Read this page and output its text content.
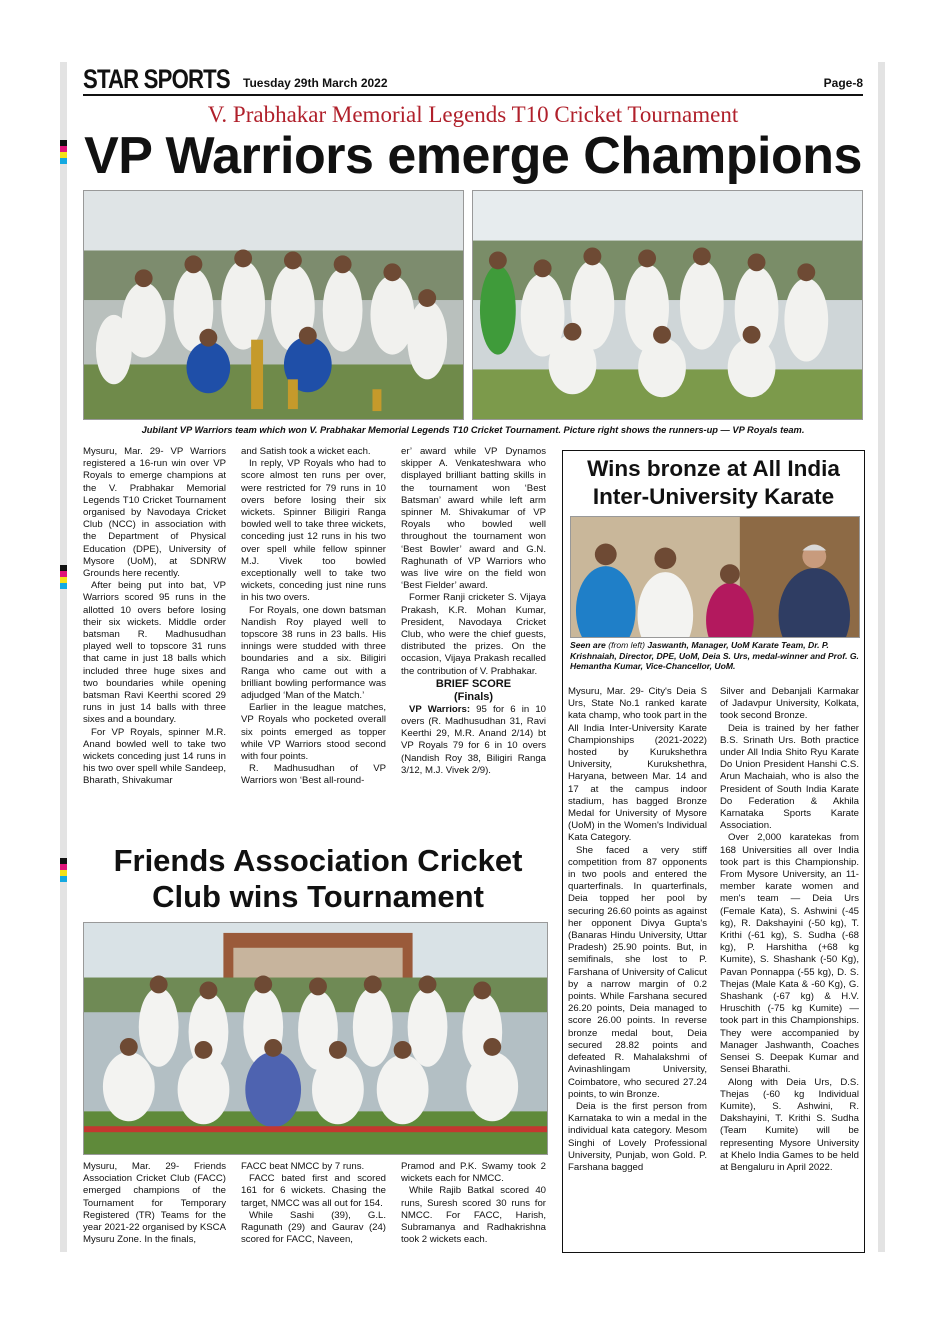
STAR SPORTS Tuesday 29th March 2022	Page-8
V. Prabhakar Memorial Legends T10 Cricket Tournament
VP Warriors emerge Champions
Jubilant VP Warriors team which won V. Prabhakar Memorial Legends T10 Cricket Tournament. Picture right shows the runners-up — VP Royals team.

Mysuru, Mar. 29- VP Warriors registered a 16-run win over VP Royals to emerge champions at the V. Prabhakar Memorial Legends T10 Cricket Tournament organised by Navodaya Cricket Club (NCC) in association with the Department of Physical Education (DPE), University of Mysore (UoM), at SDNRW Grounds here recently.

After being put into bat, VP Warriors scored 95 runs in the allotted 10 overs before losing their six wickets. Middle order batsman R. Madhusudhan played well to topscore 31 runs that came in just 18 balls which included three huge sixes and two boundaries while opening batsman Ravi Keerthi scored 29 runs in just 14 balls with three sixes and a boundary.

For VP Royals, spinner M.R. Anand bowled well to take two wickets conceding just 14 runs in his two over spell while Sandeep, Bharath, Shivakumar

and Satish took a wicket each.

In reply, VP Royals who had to score almost ten runs per over, were restricted for 79 runs in 10 overs before losing their six wickets. Spinner Biligiri Ranga bowled well to take three wickets, conceding just 12 runs in his two over spell while fellow spinner M.J. Vivek too bowled exceptionally well to take two wickets, conceding just nine runs in his two overs.

For Royals, one down batsman Nandish Roy played well to topscore 38 runs in 23 balls. His innings were studded with three boundaries and a six. Biligiri Ranga who came out with a brilliant bowling performance was adjudged ‘Man of the Match.’

Earlier in the league matches, VP Royals who pocketed overall six points emerged as topper while VP Warriors stood second with four points.

R. Madhusudhan of VP Warriors won ‘Best all-round-

er’ award while VP Dynamos skipper A. Venkateshwara who displayed brilliant batting skills in the tournament won ‘Best Batsman’ award while left arm spinner M. Shivakumar of VP Royals who bowled well throughout the tournament won ‘Best Bowler’ award and G.N. Raghunath of VP Warriors who was live wire on the field won ‘Best Fielder’ award.

Former Ranji cricketer S. Vijaya Prakash, K.R. Mohan Kumar, President, Navodaya Cricket Club, who were the chief guests, distributed the prizes. On the occasion, Vijaya Prakash recalled the contribution of V. Prabhakar.

BRIEF SCORE
(Finals)

VP Warriors: 95 for 6 in 10 overs (R. Madhusudhan 31, Ravi Keerthi 29, M.R. Anand 2/14) bt VP Royals 79 for 6 in 10 overs (Nandish Roy 38, Biligiri Ranga 3/12, M.J. Vivek 2/9).

Wins bronze at All India Inter-University Karate
Seen are (from left) Jaswanth, Manager, UoM Karate Team, Dr. P. Krishnaiah, Director, DPE, UoM, Deia S. Urs, medal-winner and Prof. G. Hemantha Kumar, Vice-Chancellor, UoM.

Mysuru, Mar. 29- City's Deia S Urs, State No.1 ranked karate kata champ, who took part in the All India Inter-University Karate Championships (2021-2022) hosted by Kurukshethra University, Kurukshethra, Haryana, between Mar. 14 and 17 at the campus indoor stadium, has bagged Bronze Medal for University of Mysore (UoM) in the Women's Individual Kata Category.

She faced a very stiff competition from 87 opponents in two pools and entered the quarterfinals. In quarterfinals, Deia topped her pool by securing 26.60 points as against her opponent Divya Gupta's (Banaras Hindu University, Uttar Pradesh) 25.90 points. But, in semifinals, she lost to P. Farshana of University of Calicut by a narrow margin of 0.2 points. While Farshana secured 26.20 points, Deia managed to score 26.00 points. In reverse bronze medal bout, Deia secured 28.82 points and defeated R. Mahalakshmi of Avinashlingam University, Coimbatore, who secured 27.24 points, to win Bronze.

Deia is the first person from Karnataka to win a medal in the individual kata category. Mesom Singhi of Lovely Professional University, Punjab, won Gold. P. Farshana bagged

Silver and Debanjali Karmakar of Jadavpur University, Kolkata, took second Bronze.

Deia is trained by her father B.S. Srinath Urs. Both practice under All India Shito Ryu Karate Do Union President Hanshi C.S. Arun Machaiah, who is also the President of South India Karate Do Federation & Akhila Karnataka Sports Karate Association.

Over 2,000 karatekas from 168 Universities all over India took part is this Championship. From Mysore University, an 11-member karate women and men's team — Deia Urs (Female Kata), S. Ashwini (-45 kg), R. Dakshayini (-50 kg), T. Krithi (-61 kg), S. Sudha (-68 kg), P. Harshitha (+68 kg Kumite), S. Shashank (-50 Kg), Pavan Ponnappa (-55 kg), D. S. Thejas (Male Kata & -60 Kg), G. Shashank (-67 kg) & H.V. Hruschith (-75 kg Kumite) — took part in this Championships. They were accompanied by Manager Jashwanth, Coaches Sensei S. Deepak Kumar and Sensei Bharathi.

Along with Deia Urs, D.S. Thejas (-60 kg Individual Kumite), S. Ashwini, R. Dakshayini, T. Krithi S. Sudha (Team Kumite) will be representing Mysore University at Khelo India Games to be held at Bengaluru in April 2022.

Friends Association Cricket Club wins Tournament

Mysuru, Mar. 29- Friends Association Cricket Club (FACC) emerged champions of the Tournament for Temporary Registered (TR) Teams for the year 2021-22 organised by KSCA Mysuru Zone. In the finals,

FACC beat NMCC by 7 runs.

FACC bated first and scored 161 for 6 wickets. Chasing the target, NMCC was all out for 154.

While Sashi (39), G.L. Ragunath (29) and Gaurav (24) scored for FACC, Naveen,

Pramod and P.K. Swamy took 2 wickets each for NMCC.

While Rajib Batkal scored 40 runs, Suresh scored 30 runs for NMCC. For FACC, Harish, Subramanya and Radhakrishna took 2 wickets each.
